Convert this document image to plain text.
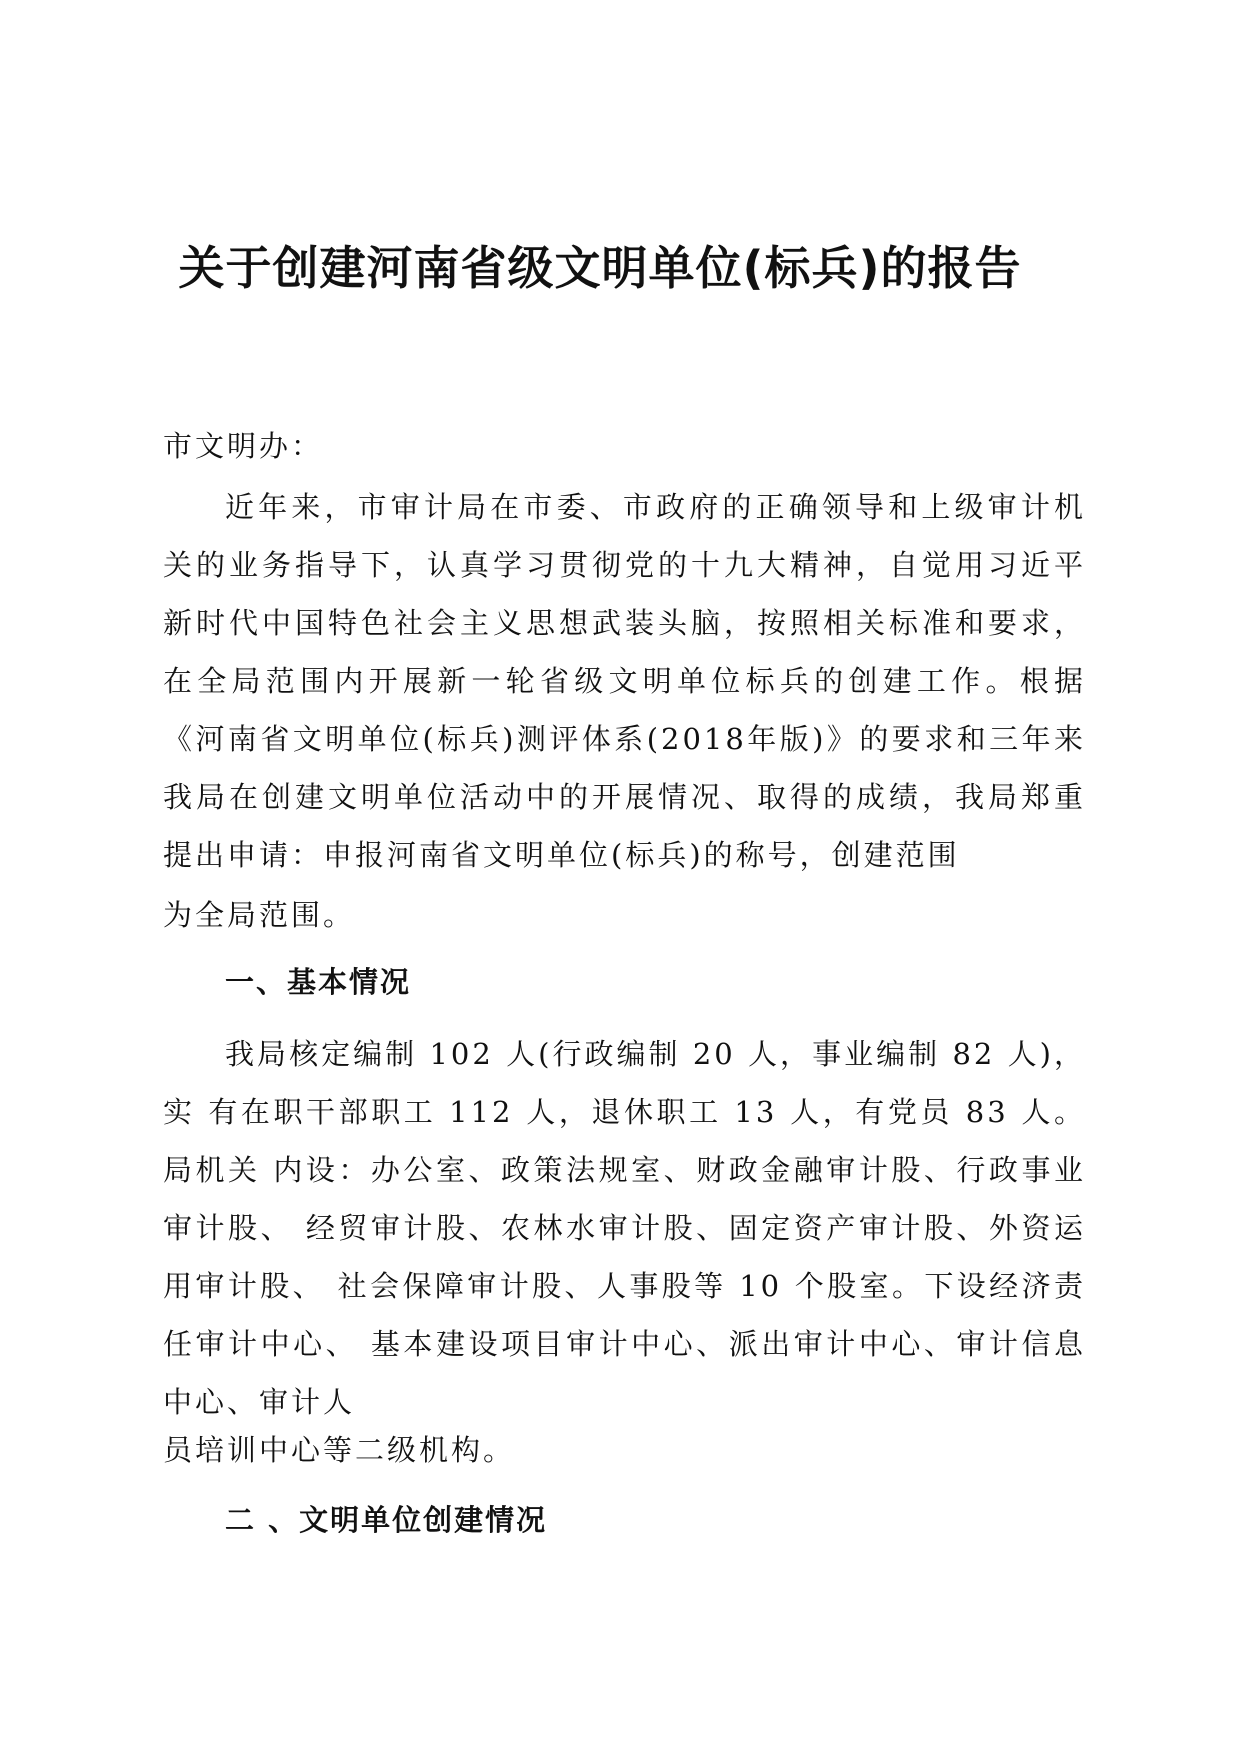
关于创建河南省级文明单位(标兵)的报告

市文明办：

近年来，市审计局在市委、市政府的正确领导和上级审计机关的业务指导下，认真学习贯彻党的十九大精神，自觉用习近平新时代中国特色社会主义思想武装头脑，按照相关标准和要求，在全局范围内开展新一轮省级文明单位标兵的创建工作。根据《河南省文明单位(标兵)测评体系(2018年版)》的要求和三年来我局在创建文明单位活动中的开展情况、取得的成绩，我局郑重提出申请：申报河南省文明单位(标兵)的称号，创建范围

为全局范围。

一、基本情况

我局核定编制 102 人(行政编制 20 人，事业编制 82 人)，实 有在职干部职工 112 人，退休职工 13 人，有党员 83 人。局机关 内设：办公室、政策法规室、财政金融审计股、行政事业审计股、 经贸审计股、农林水审计股、固定资产审计股、外资运用审计股、 社会保障审计股、人事股等 10 个股室。下设经济责任审计中心、 基本建设项目审计中心、派出审计中心、审计信息中心、审计人

员培训中心等二级机构。

二 、文明单位创建情况
